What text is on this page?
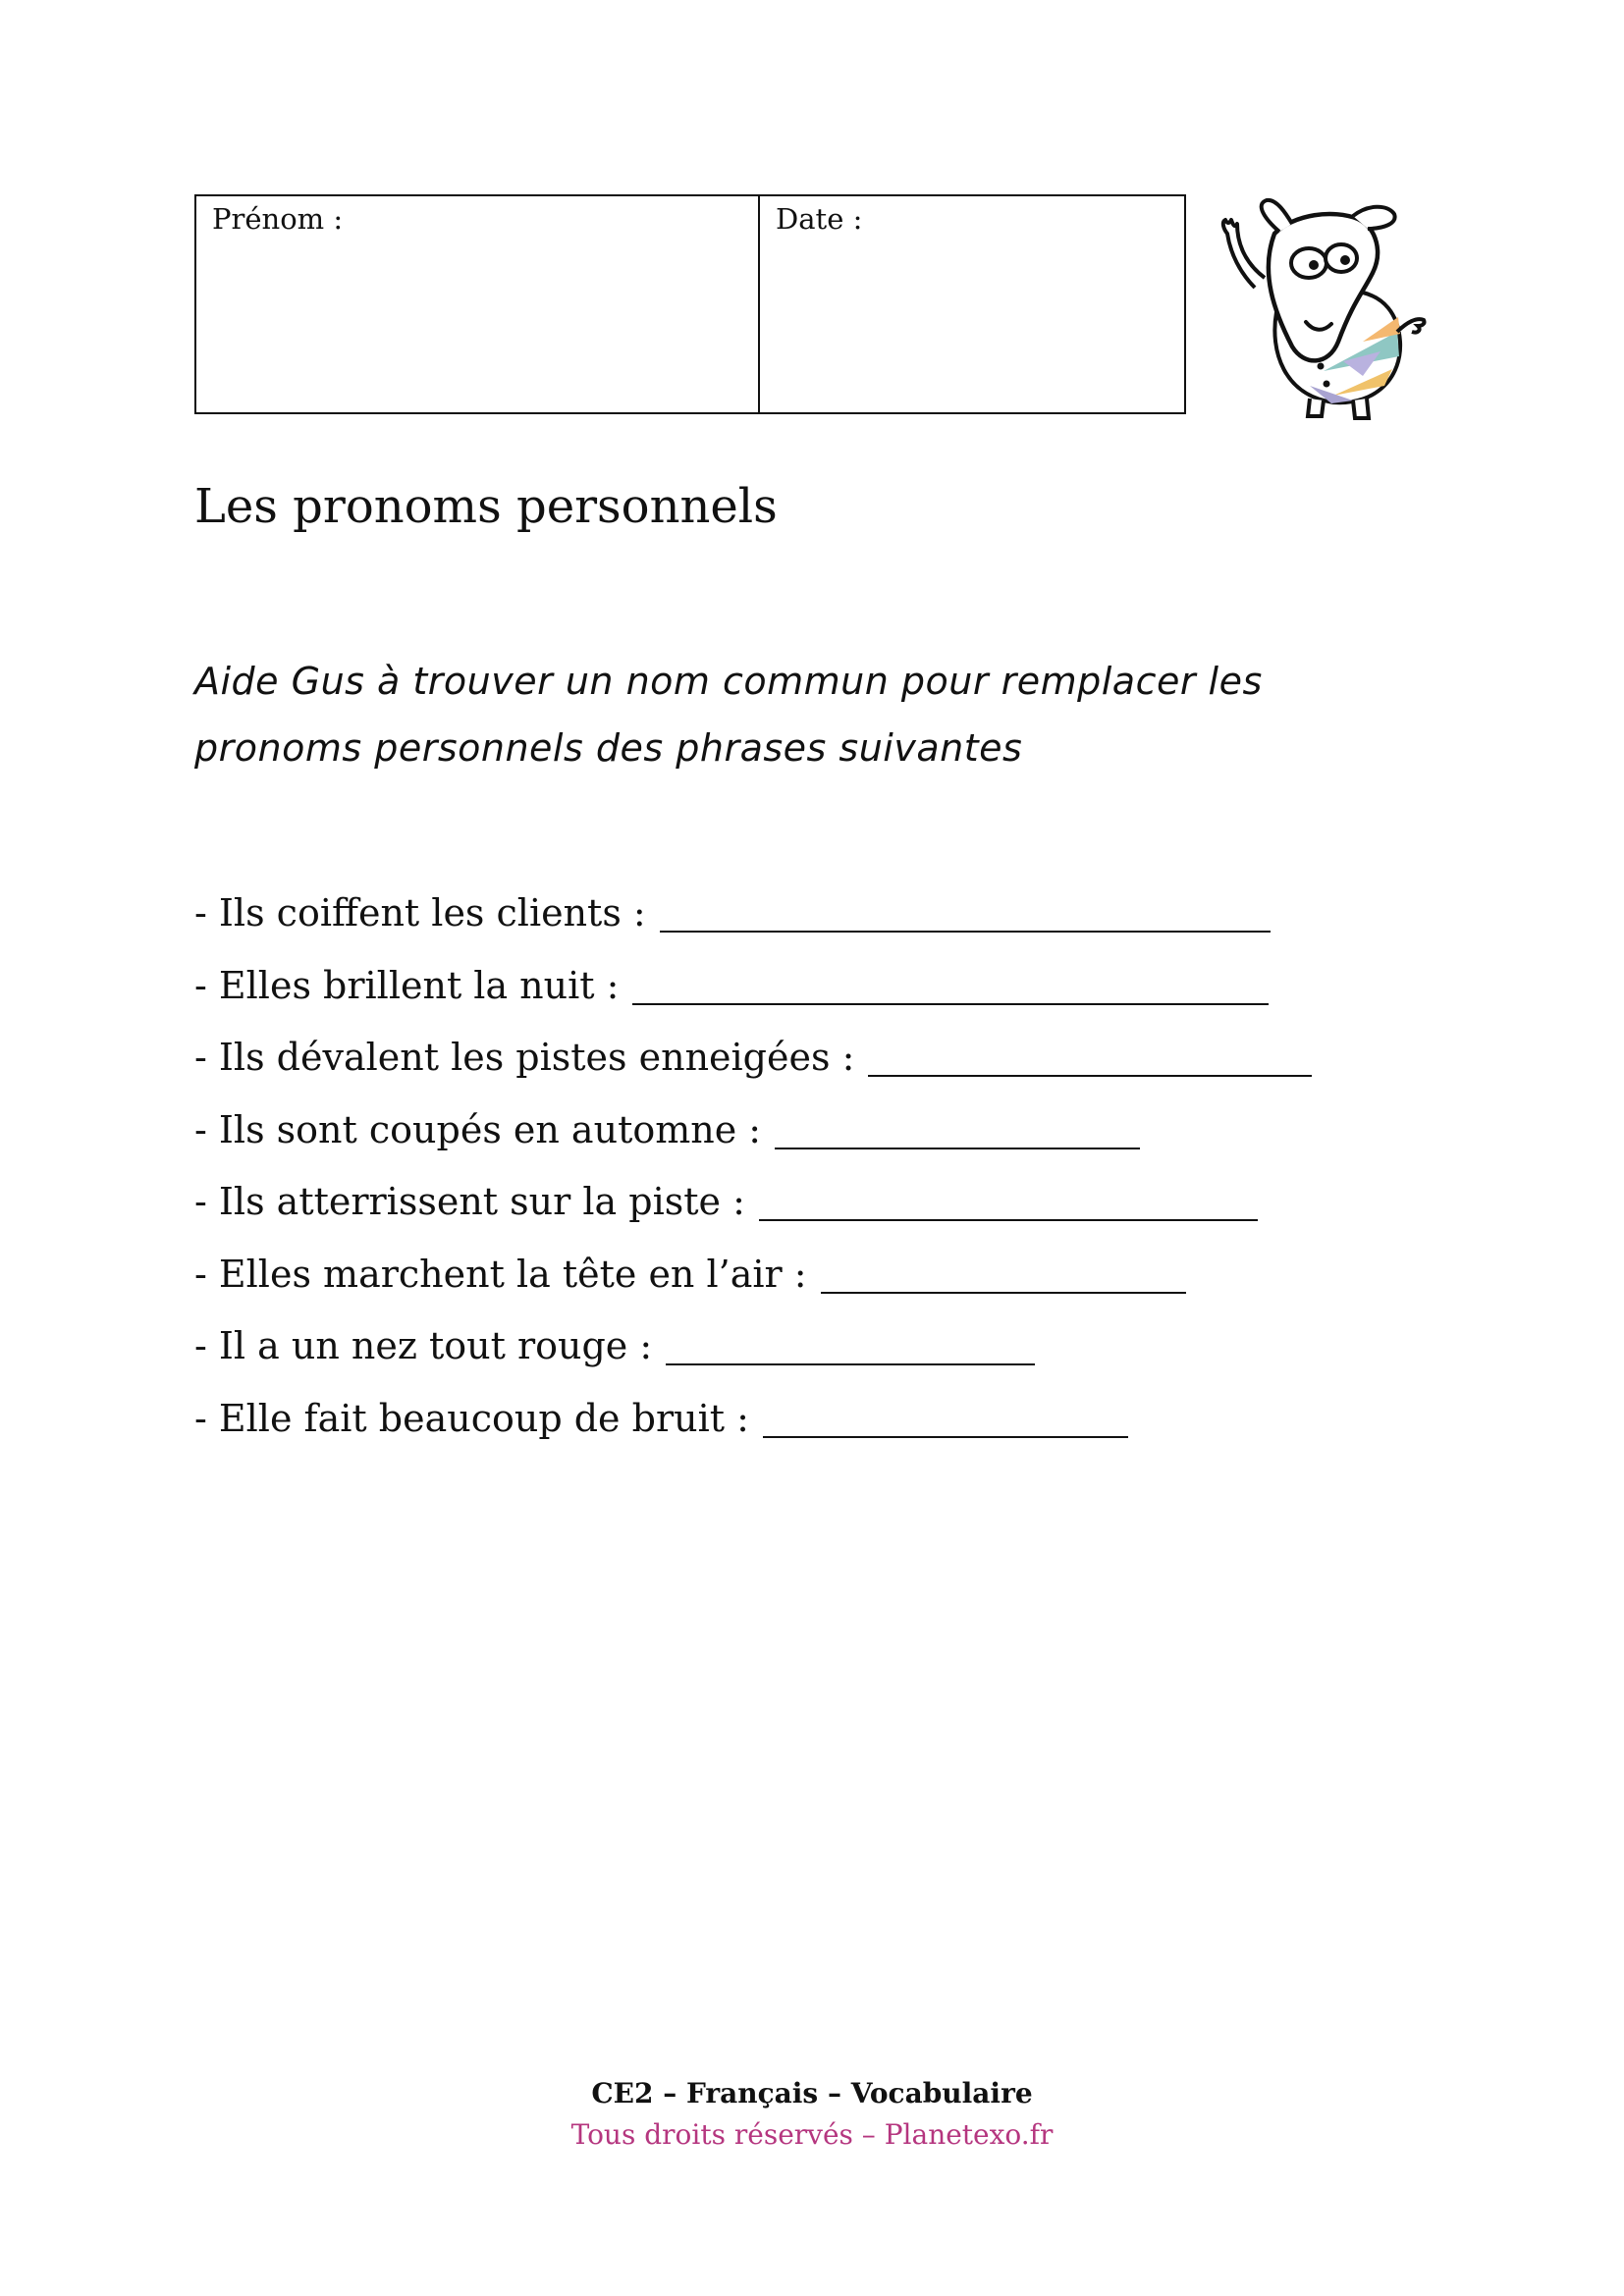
Prénom :	Date :
Les pronoms personnels

Aide Gus à trouver un nom commun pour remplacer les pronoms personnels des phrases suivantes

- Ils coiffent les clients :
- Elles brillent la nuit :
- Ils dévalent les pistes enneigées :
- Ils sont coupés en automne :
- Ils atterrissent sur la piste :
- Elles marchent la tête en l’air :
- Il a un nez tout rouge :
- Elle fait beaucoup de bruit :
CE2 – Français – Vocabulaire
Tous droits réservés – Planetexo.fr
